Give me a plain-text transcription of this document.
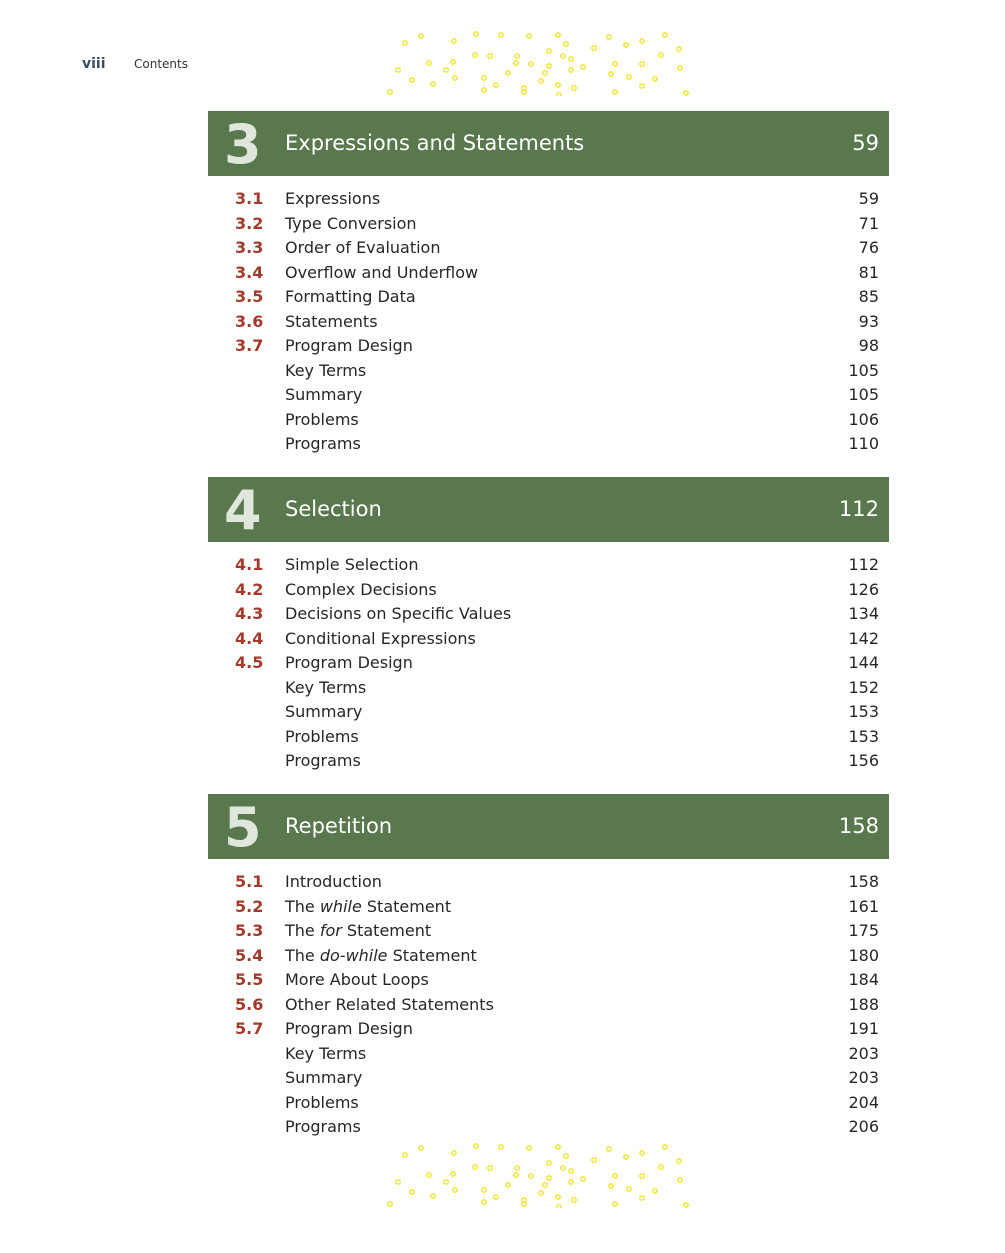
viii	Contents
3 Expressions and Statements	59
3.1 Expressions	59
3.2 Type Conversion	71
3.3 Order of Evaluation	76
3.4 Overflow and Underflow	81
3.5 Formatting Data	85
3.6 Statements	93
3.7 Program Design	98
Key Terms	105
Summary	105
Problems	106
Programs	110
4 Selection	112
4.1 Simple Selection	112
4.2 Complex Decisions	126
4.3 Decisions on Specific Values	134
4.4 Conditional Expressions	142
4.5 Program Design	144
Key Terms	152
Summary	153
Problems	153
Programs	156
5 Repetition	158
5.1 Introduction	158
5.2 The while Statement	161
5.3 The for Statement	175
5.4 The do-while Statement	180
5.5 More About Loops	184
5.6 Other Related Statements	188
5.7 Program Design	191
Key Terms	203
Summary	203
Problems	204
Programs	206
